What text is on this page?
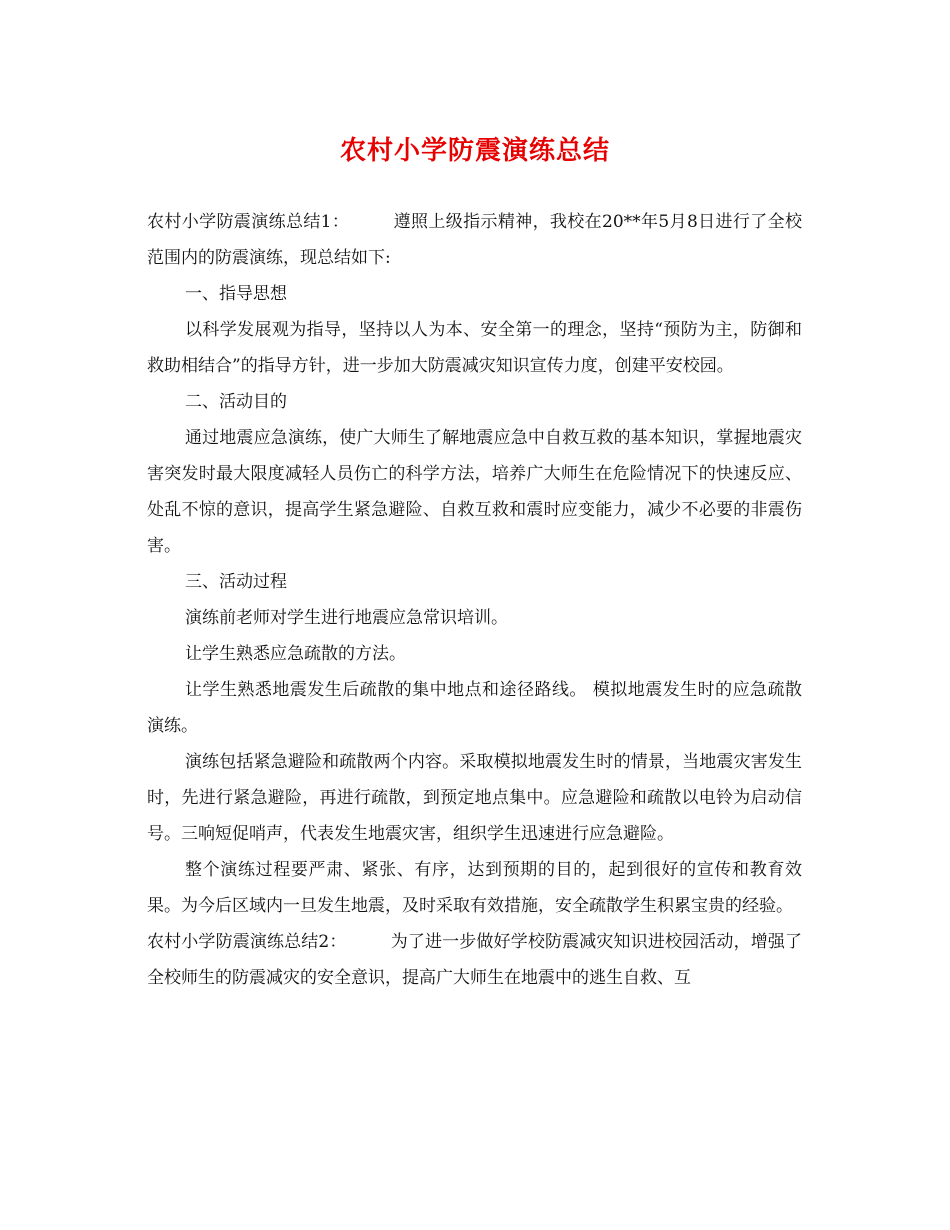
农村小学防震演练总结

农村小学防震演练总结1：	遵照上级指示精神，我校在20**年5月8日进行了全校范围内的防震演练，现总结如下:

一、指导思想

以科学发展观为指导，坚持以人为本、安全第一的理念，坚持“预防为主，防御和救助相结合”的指导方针，进一步加大防震减灾知识宣传力度，创建平安校园。

二、活动目的

通过地震应急演练，使广大师生了解地震应急中自救互救的基本知识，掌握地震灾害突发时最大限度减轻人员伤亡的科学方法，培养广大师生在危险情况下的快速反应、处乱不惊的意识，提高学生紧急避险、自救互救和震时应变能力，减少不必要的非震伤害。

三、活动过程

演练前老师对学生进行地震应急常识培训。

让学生熟悉应急疏散的方法。

让学生熟悉地震发生后疏散的集中地点和途径路线。 模拟地震发生时的应急疏散演练。

演练包括紧急避险和疏散两个内容。采取模拟地震发生时的情景，当地震灾害发生时，先进行紧急避险，再进行疏散，到预定地点集中。应急避险和疏散以电铃为启动信号。三响短促哨声，代表发生地震灾害，组织学生迅速进行应急避险。

整个演练过程要严肃、紧张、有序，达到预期的目的，起到很好的宣传和教育效果。为今后区域内一旦发生地震，及时采取有效措施，安全疏散学生积累宝贵的经验。

农村小学防震演练总结2：	为了进一步做好学校防震减灾知识进校园活动，增强了全校师生的防震减灾的安全意识，提高广大师生在地震中的逃生自救、互
